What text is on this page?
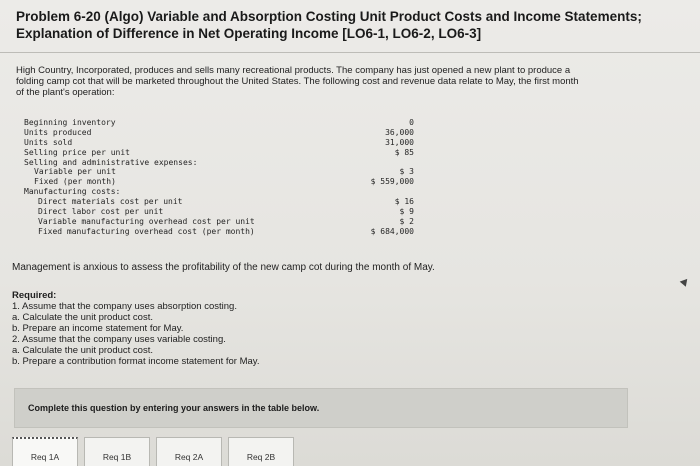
Problem 6-20 (Algo) Variable and Absorption Costing Unit Product Costs and Income Statements;
Explanation of Difference in Net Operating Income [LO6-1, LO6-2, LO6-3]
High Country, Incorporated, produces and sells many recreational products. The company has just opened a new plant to produce a
folding camp cot that will be marketed throughout the United States. The following cost and revenue data relate to May, the first month
of the plant's operation:
Beginning inventory	0
Units produced	36,000
Units sold	31,000
Selling price per unit	$ 85
Selling and administrative expenses:
Variable per unit	$ 3
Fixed (per month)	$ 559,000
Manufacturing costs:
Direct materials cost per unit	$ 16
Direct labor cost per unit	$ 9
Variable manufacturing overhead cost per unit	$ 2
Fixed manufacturing overhead cost (per month)	$ 684,000
Management is anxious to assess the profitability of the new camp cot during the month of May.
Required:
1. Assume that the company uses absorption costing.
a. Calculate the unit product cost.
b. Prepare an income statement for May.
2. Assume that the company uses variable costing.
a. Calculate the unit product cost.
b. Prepare a contribution format income statement for May.
Complete this question by entering your answers in the table below.
Req 1A	Req 1B	Req 2A	Req 2B
